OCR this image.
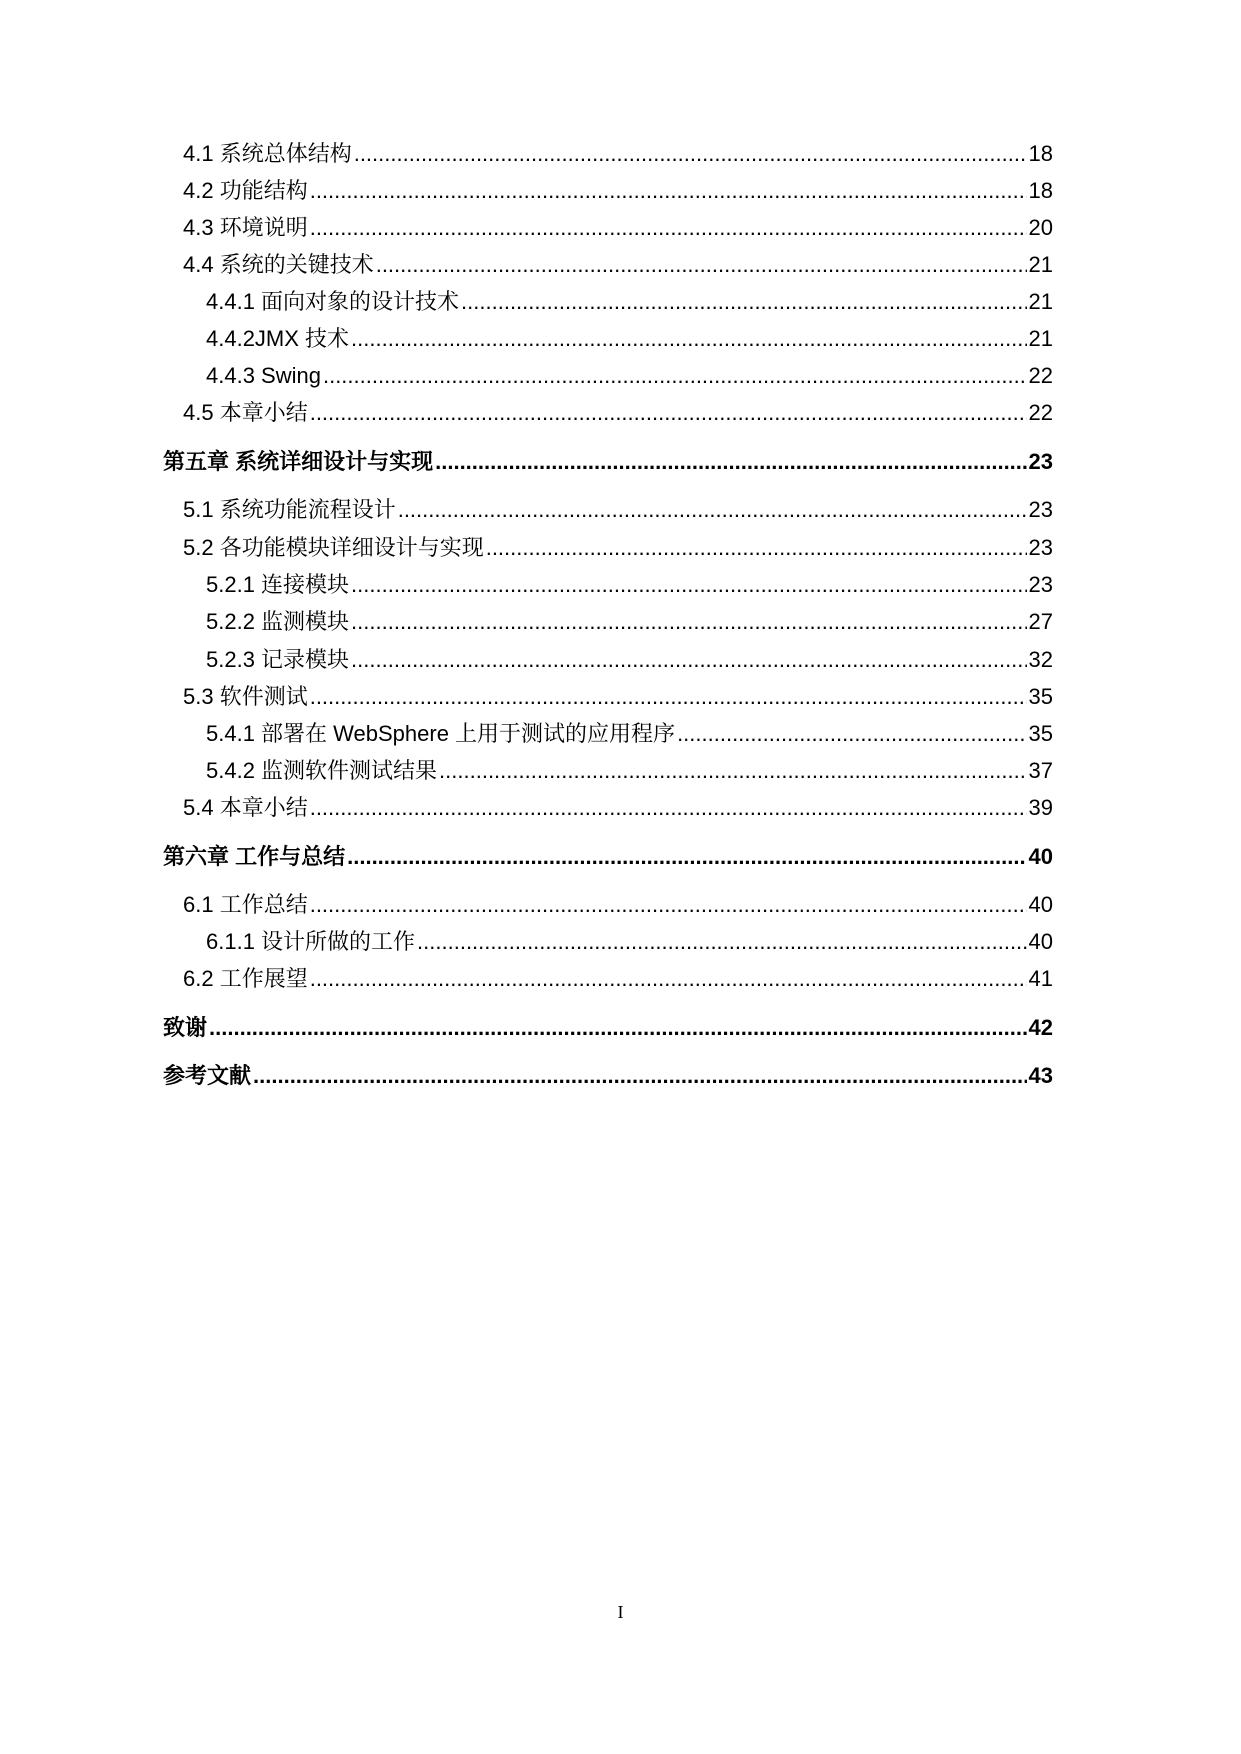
4.1 系统总体结构 .....	18
4.2 功能结构 .....	18
4.3 环境说明 .....	20
4.4 系统的关键技术 .....	21
4.4.1 面向对象的设计技术 .....	21
4.4.2JMX 技术 .....	21
4.4.3 Swing .....	22
4.5 本章小结 .....	22
第五章 系统详细设计与实现 .....	23
5.1 系统功能流程设计 .....	23
5.2 各功能模块详细设计与实现 .....	23
5.2.1 连接模块 .....	23
5.2.2 监测模块 .....	27
5.2.3 记录模块 .....	32
5.3 软件测试 .....	35
5.4.1 部署在 WebSphere 上用于测试的应用程序 .....	35
5.4.2 监测软件测试结果 .....	37
5.4 本章小结 .....	39
第六章 工作与总结 .....	40
6.1 工作总结 .....	40
6.1.1 设计所做的工作 .....	40
6.2 工作展望 .....	41
致谢 .....	42
参考文献 .....	43
I
